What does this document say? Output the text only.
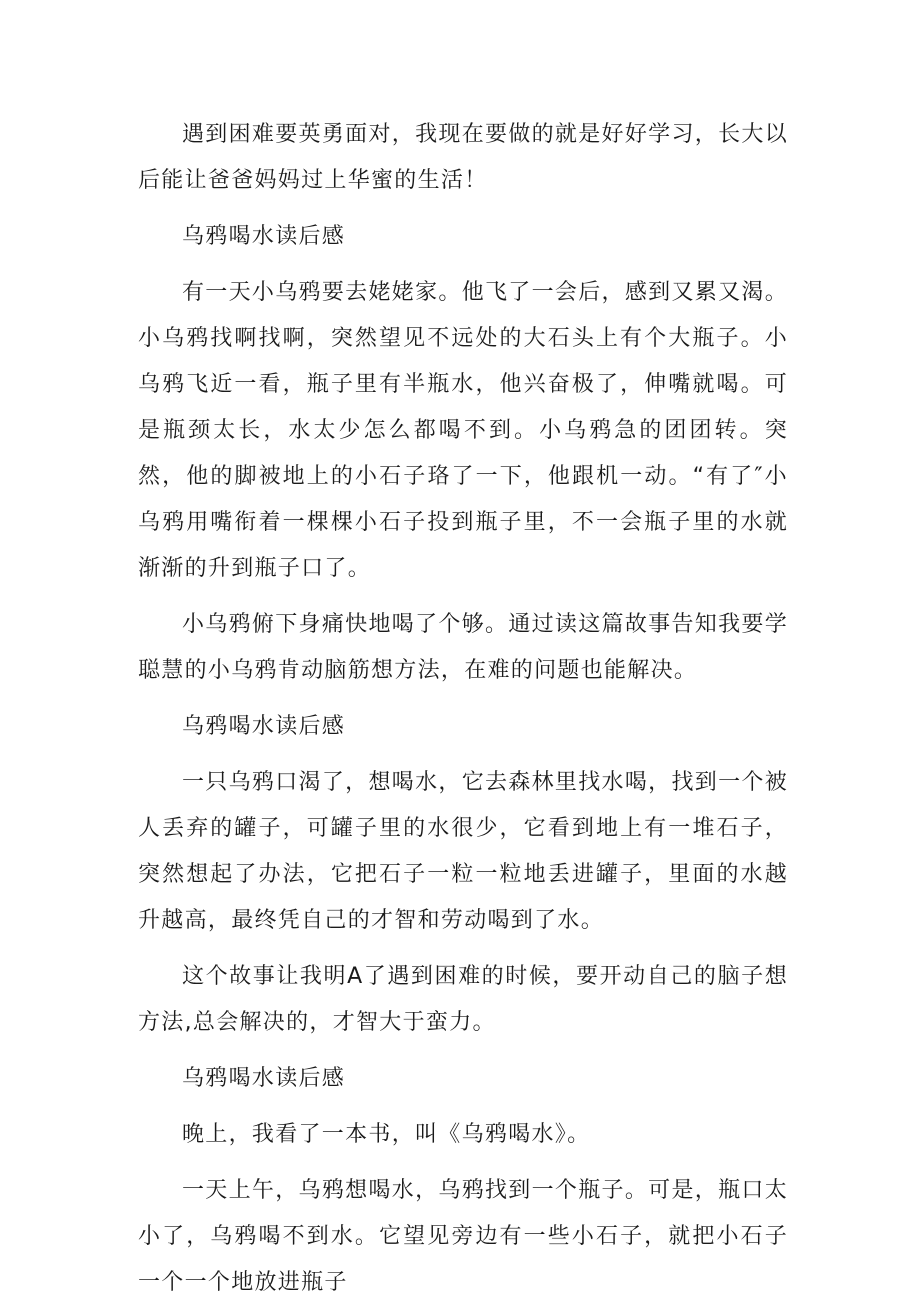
遇到困难要英勇面对，我现在要做的就是好好学习，长大以后能让爸爸妈妈过上华蜜的生活！

乌鸦喝水读后感

有一天小乌鸦要去姥姥家。他飞了一会后，感到又累又渴。小乌鸦找啊找啊，突然望见不远处的大石头上有个大瓶子。小乌鸦飞近一看，瓶子里有半瓶水，他兴奋极了，伸嘴就喝。可是瓶颈太长，水太少怎么都喝不到。小乌鸦急的团团转。突然，他的脚被地上的小石子珞了一下，他跟机一动。“有了″小乌鸦用嘴衔着一棵棵小石子投到瓶子里，不一会瓶子里的水就渐渐的升到瓶子口了。

小乌鸦俯下身痛快地喝了个够。通过读这篇故事告知我要学聪慧的小乌鸦肯动脑筋想方法，在难的问题也能解决。

乌鸦喝水读后感

一只乌鸦口渴了，想喝水，它去森林里找水喝，找到一个被人丢弃的罐子，可罐子里的水很少，它看到地上有一堆石子，突然想起了办法，它把石子一粒一粒地丢进罐子，里面的水越升越高，最终凭自己的才智和劳动喝到了水。

这个故事让我明A了遇到困难的时候，要开动自己的脑子想方法,总会解决的，才智大于蛮力。

乌鸦喝水读后感

晚上，我看了一本书，叫《乌鸦喝水》。

一天上午，乌鸦想喝水，乌鸦找到一个瓶子。可是，瓶口太小了，乌鸦喝不到水。它望见旁边有一些小石子，就把小石子一个一个地放进瓶子
